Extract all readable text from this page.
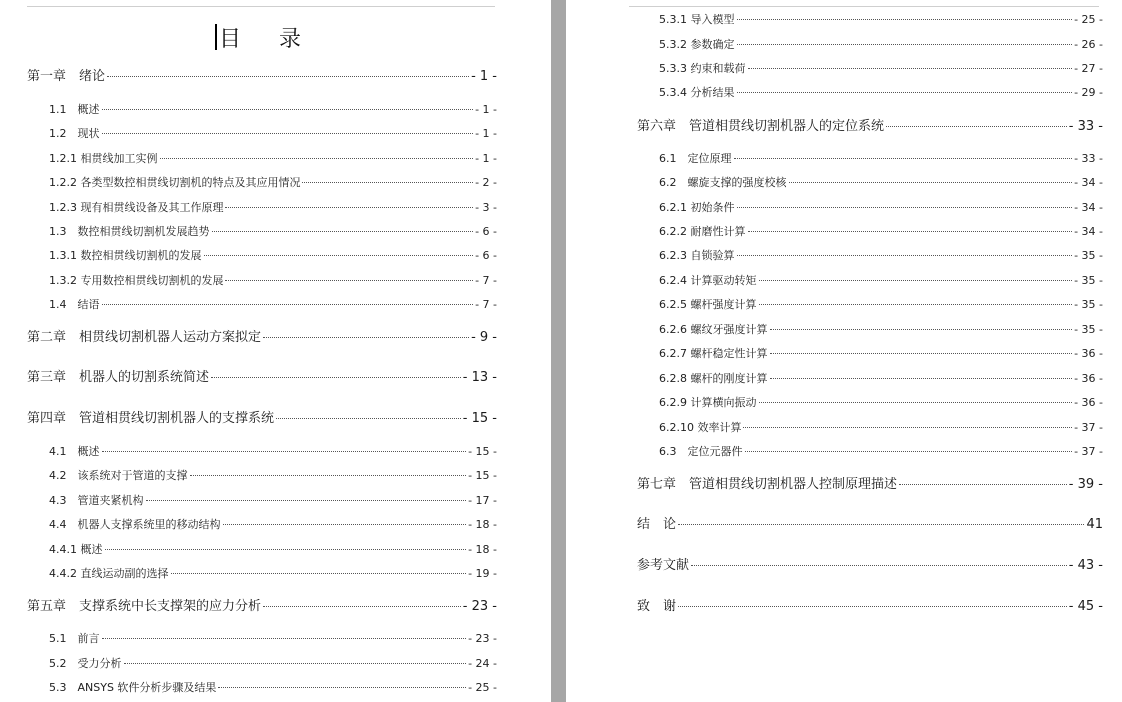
目录
第一章　绪论	- 1 -
1.1　概述	- 1 -
1.2　现状	- 1 -
1.2.1 相贯线加工实例	- 1 -
1.2.2 各类型数控相贯线切割机的特点及其应用情况	- 2 -
1.2.3 现有相贯线设备及其工作原理	- 3 -
1.3　数控相贯线切割机发展趋势	- 6 -
1.3.1 数控相贯线切割机的发展	- 6 -
1.3.2 专用数控相贯线切割机的发展	- 7 -
1.4　结语	- 7 -
第二章　相贯线切割机器人运动方案拟定	- 9 -
第三章　机器人的切割系统简述	- 13 -
第四章　管道相贯线切割机器人的支撑系统	- 15 -
4.1　概述	- 15 -
4.2　该系统对于管道的支撑	- 15 -
4.3　管道夹紧机构	- 17 -
4.4　机器人支撑系统里的移动结构	- 18 -
4.4.1 概述	- 18 -
4.4.2 直线运动副的选择	- 19 -
第五章　支撑系统中长支撑架的应力分析	- 23 -
5.1　前言	- 23 -
5.2　受力分析	- 24 -
5.3　ANSYS 软件分析步骤及结果	- 25 -
5.3.1 导入模型	- 25 -
5.3.2 参数确定	- 26 -
5.3.3 约束和载荷	- 27 -
5.3.4 分析结果	- 29 -
第六章　管道相贯线切割机器人的定位系统	- 33 -
6.1　定位原理	- 33 -
6.2　螺旋支撑的强度校核	- 34 -
6.2.1 初始条件	- 34 -
6.2.2 耐磨性计算	- 34 -
6.2.3 自锁验算	- 35 -
6.2.4 计算驱动转矩	- 35 -
6.2.5 螺杆强度计算	- 35 -
6.2.6 螺纹牙强度计算	- 35 -
6.2.7 螺杆稳定性计算	- 36 -
6.2.8 螺杆的刚度计算	- 36 -
6.2.9 计算横向振动	- 36 -
6.2.10 效率计算	- 37 -
6.3　定位元器件	- 37 -
第七章　管道相贯线切割机器人控制原理描述	- 39 -
结　论	41
参考文献	- 43 -
致　谢	- 45 -
